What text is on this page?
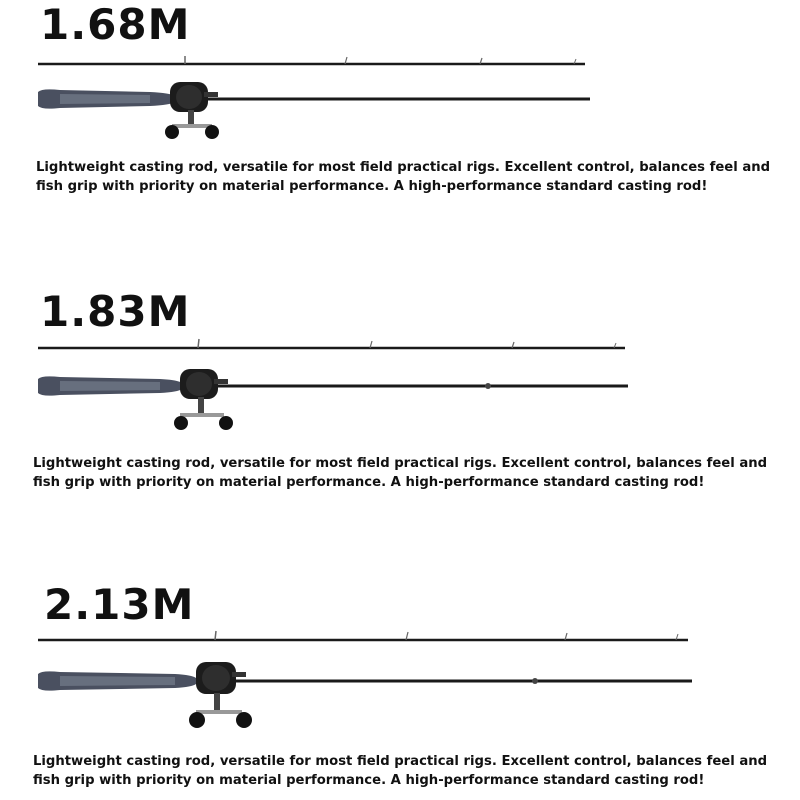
1.68M
Lightweight casting rod, versatile for most field practical rigs. Excellent control, balances feel and
fish grip with priority on material performance. A high-performance standard casting rod!
1.83M
Lightweight casting rod, versatile for most field practical rigs. Excellent control, balances feel and
fish grip with priority on material performance. A high-performance standard casting rod!
2.13M
Lightweight casting rod, versatile for most field practical rigs. Excellent control, balances feel and
fish grip with priority on material performance. A high-performance standard casting rod!
